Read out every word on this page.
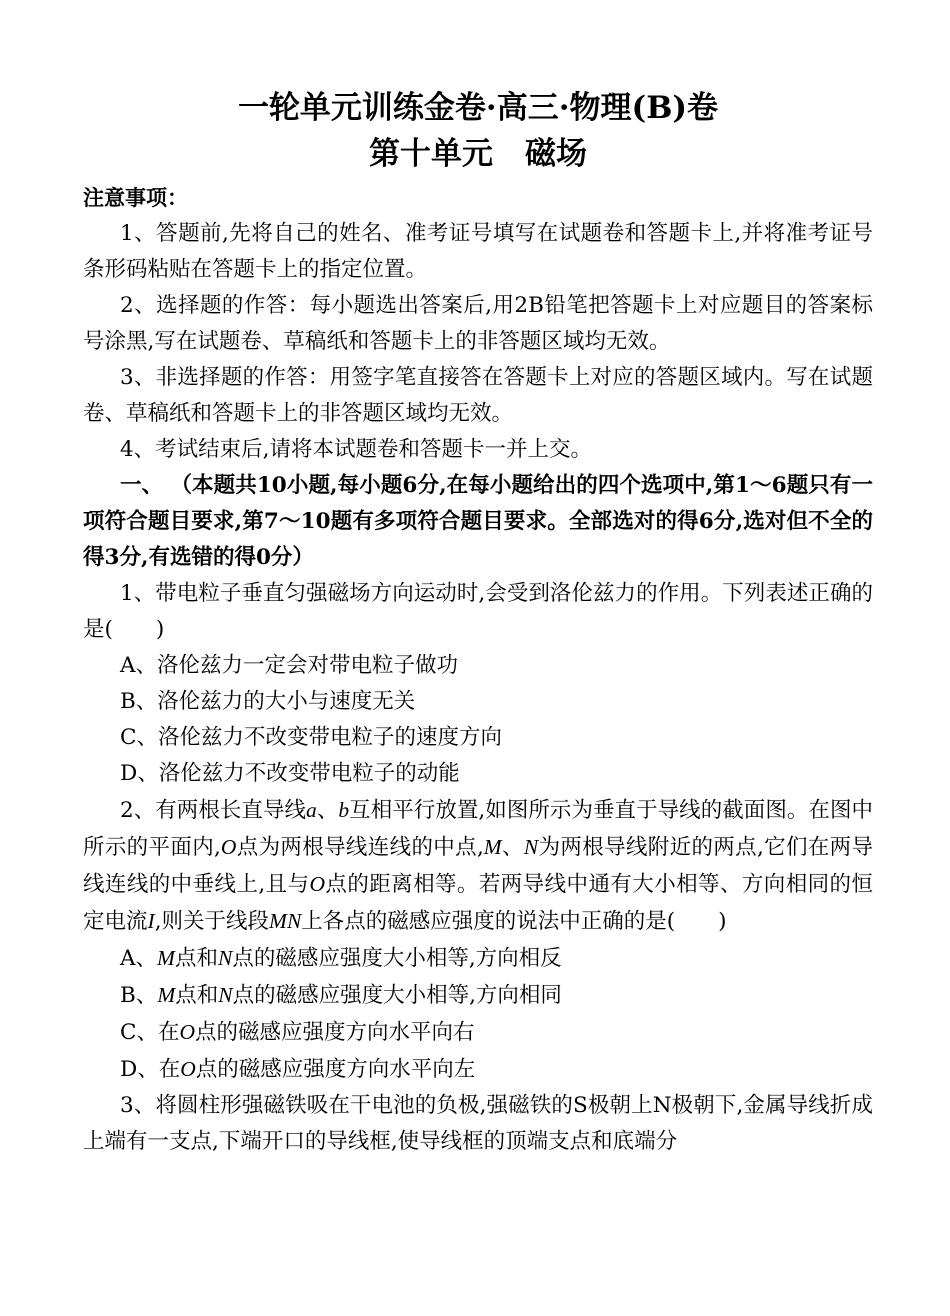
一轮单元训练金卷·高三·物理(B)卷
第十单元 磁场
注意事项：

1、答题前,先将自己的姓名、准考证号填写在试题卷和答题卡上,并将准考证号条形码粘贴在答题卡上的指定位置。

2、选择题的作答：每小题选出答案后,用2B铅笔把答题卡上对应题目的答案标号涂黑,写在试题卷、草稿纸和答题卡上的非答题区域均无效。

3、非选择题的作答：用签字笔直接答在答题卡上对应的答题区域内。写在试题卷、草稿纸和答题卡上的非答题区域均无效。

4、考试结束后,请将本试题卷和答题卡一并上交。

一、 （本题共10小题,每小题6分,在每小题给出的四个选项中,第1～6题只有一项符合题目要求,第7～10题有多项符合题目要求。全部选对的得6分,选对但不全的得3分,有选错的得0分）

1、带电粒子垂直匀强磁场方向运动时,会受到洛伦兹力的作用。下列表述正确的是(　　)

A、洛伦兹力一定会对带电粒子做功

B、洛伦兹力的大小与速度无关

C、洛伦兹力不改变带电粒子的速度方向

D、洛伦兹力不改变带电粒子的动能

2、有两根长直导线a、b互相平行放置,如图所示为垂直于导线的截面图。在图中所示的平面内,O点为两根导线连线的中点,M、N为两根导线附近的两点,它们在两导线连线的中垂线上,且与O点的距离相等。若两导线中通有大小相等、方向相同的恒定电流I,则关于线段MN上各点的磁感应强度的说法中正确的是(　　)

A、M点和N点的磁感应强度大小相等,方向相反

B、M点和N点的磁感应强度大小相等,方向相同

C、在O点的磁感应强度方向水平向右

D、在O点的磁感应强度方向水平向左

3、将圆柱形强磁铁吸在干电池的负极,强磁铁的S极朝上N极朝下,金属导线折成上端有一支点,下端开口的导线框,使导线框的顶端支点和底端分
